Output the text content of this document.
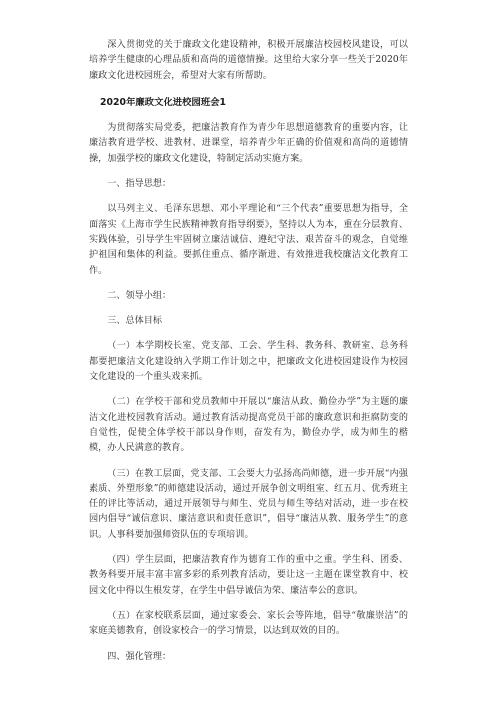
深入贯彻党的关于廉政文化建设精神，积极开展廉洁校园校风建设，可以培养学生健康的心理品质和高尚的道德情操。这里给大家分享一些关于2020年廉政文化进校园班会，希望对大家有所帮助。

2020年廉政文化进校园班会1

为贯彻落实局党委，把廉洁教育作为青少年思想道德教育的重要内容，让廉洁教育进学校、进教材、进课堂，培养青少年正确的价值观和高尚的道德情操，加强学校的廉政文化建设，特制定活动实施方案。

一、指导思想：

以马列主义、毛泽东思想、邓小平理论和“三个代表”重要思想为指导，全面落实《上海市学生民族精神教育指导纲要》，坚持以人为本，重在分层教育、实践体验，引导学生牢固树立廉洁诚信、遵纪守法、艰苦奋斗的观念，自觉维护祖国和集体的利益。要抓住重点、循序渐进、有效推进我校廉洁文化教育工作。

二、领导小组：

三、总体目标

（一）本学期校长室、党支部、工会、学生科、教务科、教研室、总务科都要把廉洁文化建设纳入学期工作计划之中，把廉政文化进校园建设作为校园文化建设的一个重头戏来抓。

（二）在学校干部和党员教师中开展以“廉洁从政、勤俭办学”为主题的廉洁文化进校园教育活动。通过教育活动提高党员干部的廉政意识和拒腐防变的自觉性，促使全体学校干部以身作则，奋发有为，勤俭办学，成为师生的楷模，办人民满意的教育。

（三）在教工层面，党支部、工会要大力弘扬高尚师德，进一步开展“内强素质、外塑形象”的师德建设活动，通过开展争创文明组室、红五月、优秀班主任的评比等活动，通过开展领导与师生、党员与师生等结对活动，进一步在校园内倡导“诚信意识、廉洁意识和责任意识”，倡导“廉洁从教、服务学生”的意识。人事科要加强师资队伍的专项培训。

（四）学生层面，把廉洁教育作为德育工作的重中之重。学生科、团委、教务科要开展丰富丰富多彩的系列教育活动，要让这一主题在课堂教育中、校园文化中得以生根发芽，在学生中倡导诚信为荣、廉洁奉公的意识。

（五）在家校联系层面，通过家委会、家长会等阵地，倡导“敬廉崇洁”的家庭美德教育，创设家校合一的学习情景，以达到双效的目的。

四、强化管理：
